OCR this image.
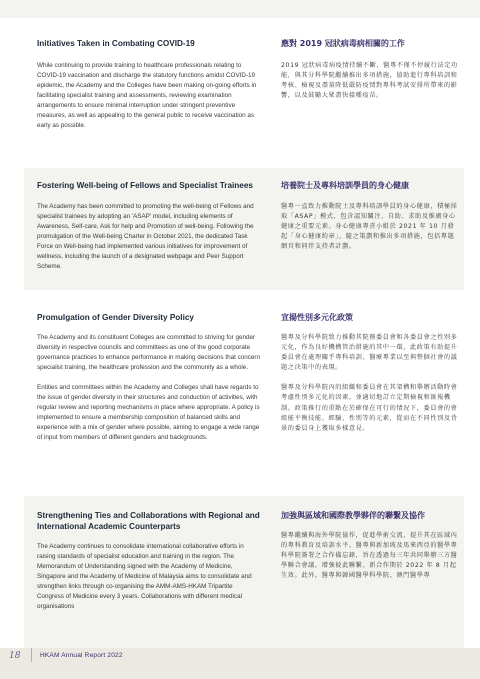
Initiatives Taken in Combating COVID-19

While continuing to provide training to healthcare professionals relating to COVID-19 vaccination and discharge the statutory functions amidst COVID-19 epidemic, the Academy and the Colleges have been making on-going efforts in facilitating specialist training and assessments, reviewing examination arrangements to ensure minimal interruption under stringent preventive measures, as well as appealing to the general public to receive vaccination as early as possible.

應對 2019 冠狀病毒病相關的工作

2019 冠狀病毒病疫情持續不斷，醫專不僅不停履行法定功能，與其分科學院繼續推出多項措施，協助進行專科培訓和考核、檢視及盡量降低嚴防疫情對專科考試安排所帶來的影響，以及鼓勵大眾盡快接種疫苗。

Fostering Well-being of Fellows and Specialist Trainees

The Academy has been committed to promoting the well-being of Fellows and specialist trainees by adopting an 'ASAP' model, including elements of Awareness, Self-care, Ask for help and Promotion of well-being. Following the promulgation of the Well-being Charter in October 2021, the dedicated Task Force on Well-being had implemented various initiatives for improvement of wellness, including the launch of a designated webpage and Peer Support Scheme.

培養院士及專科培訓學員的身心健康

醫專一直致力推動院士及專科培訓學員的身心健康，積極採取「ASAP」模式，包含認知關注、自助、求助及推廣身心健康之重要元素。身心健康專責小組於 2021 年 10 月發起「身心健康約章」，隨之策劃和推出多項措施，包括專題網頁和同伴支持者計劃。

Promulgation of Gender Diversity Policy

The Academy and its constituent Colleges are committed to striving for gender diversity in respective councils and committees as one of the good corporate governance practices to enhance performance in making decisions that concern specialist training, the healthcare profession and the community as a whole.

Entities and committees within the Academy and Colleges shall have regards to the issue of gender diversity in their structures and conduction of activities, with regular review and reporting mechanisms in place where appropriate. A policy is implemented to ensure a membership composition of balanced skills and experience with a mix of gender where possible, aiming to engage a wide range of input from members of different genders and backgrounds.

宣揚性別多元化政策

醫專及分科學院致力推動其院務委員會和各委員會之性別多元化，作為良好機構管治措施的其中一環，此政策有助提升委員會在處理關乎專科培訓、醫療專業以至與整個社會的議題之決策中的表現。

醫專及分科學院內的組織和委員會在其架構和舉辦活動時會考慮性別多元化的因素，並適切地訂立定期檢視和匯報機制。政策推行的重點在於確保在可行的情況下，委員會的會組能平衡技能、經驗、性別等的元素，從而在不同性別及背景的委員身上獲取多樣意見。

Strengthening Ties and Collaborations with Regional and International Academic Counterparts

The Academy continues to consolidate international collaborative efforts in raising standards of specialist education and training in the region. The Memorandum of Understanding signed with the Academy of Medicine, Singapore and the Academy of Medicine of Malaysia aims to consolidate and strengthen links through co-organising the AMM-AMS-HKAM Tripartite Congress of Medicine every 3 years. Collaborations with different medical organisations

加強與區域和國際教學夥伴的聯繫及協作

醫專繼續與海外學院協作，促進學術交流，提升其在區域內的專科教育及培訓水平。醫專與新加坡及馬來西亞的醫學專科學院簽署之合作備忘錄，旨在透過每三年共同舉辦三方醫學聯合會議，增強彼此聯繫。新合作期於 2022 年 8 月起生效。此外，醫專與韓國醫學科學院、澳門醫學專

18	HKAM Annual Report 2022
